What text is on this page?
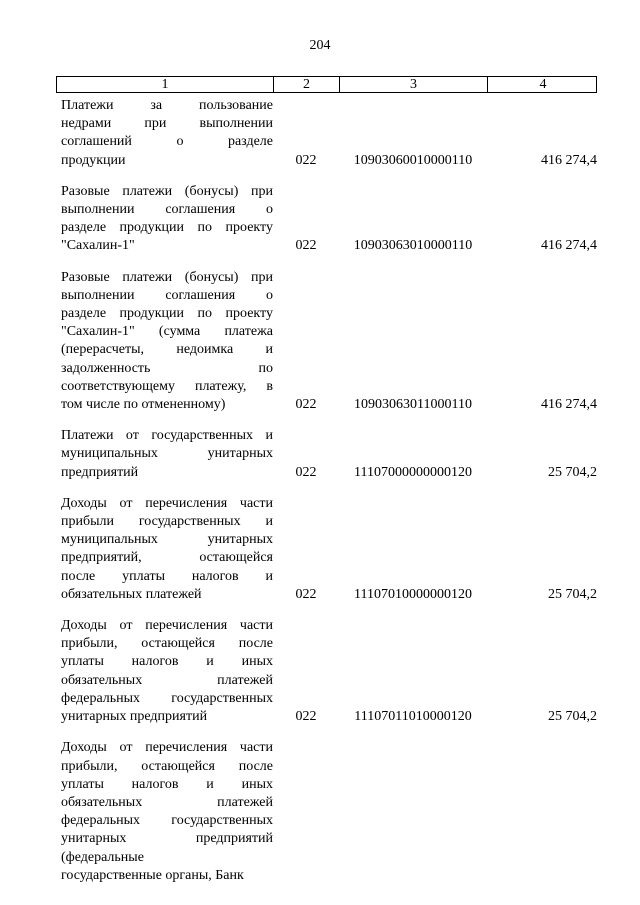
204
1	2	3	4
Платежи за пользование
недрами при выполнении
соглашений о разделе
продукции	022	10903060010000110	416 274,4
Разовые платежи (бонусы) при
выполнении соглашения о
разделе продукции по проекту
"Сахалин-1"	022	10903063010000110	416 274,4
Разовые платежи (бонусы) при
выполнении соглашения о
разделе продукции по проекту
"Сахалин-1" (сумма платежа
(перерасчеты, недоимка и
задолженность по
соответствующему платежу, в
том числе по отмененному)	022	10903063011000110	416 274,4
Платежи от государственных и
муниципальных унитарных
предприятий	022	11107000000000120	25 704,2
Доходы от перечисления части
прибыли государственных и
муниципальных унитарных
предприятий, остающейся
после уплаты налогов и
обязательных платежей	022	11107010000000120	25 704,2
Доходы от перечисления части
прибыли, остающейся после
уплаты налогов и иных
обязательных платежей
федеральных государственных
унитарных предприятий	022	11107011010000120	25 704,2
Доходы от перечисления части
прибыли, остающейся после
уплаты налогов и иных
обязательных платежей
федеральных государственных
унитарных предприятий
(федеральные
государственные органы, Банк
